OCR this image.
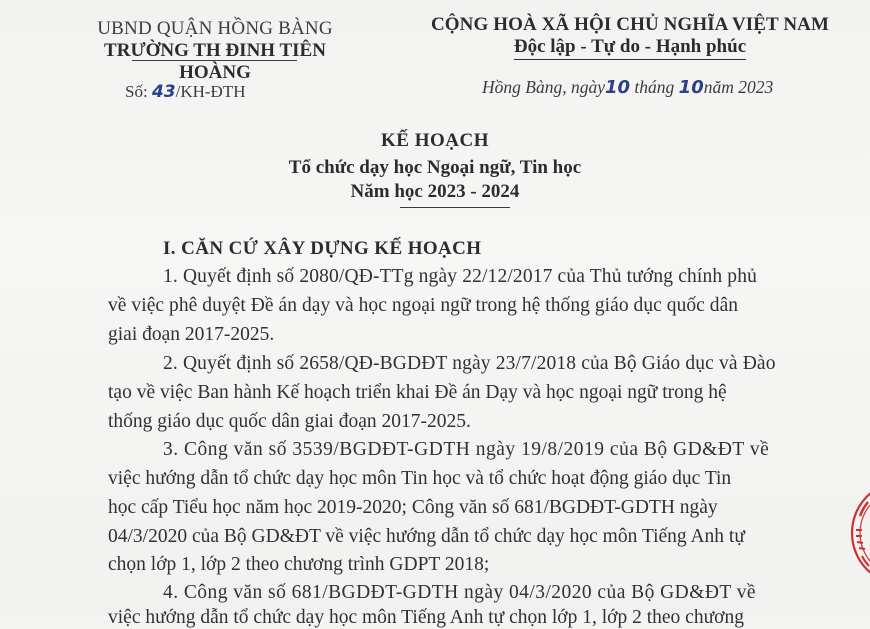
UBND QUẬN HỒNG BÀNG
TRƯỜNG TH ĐINH TIÊN HOÀNG
CỘNG HOÀ XÃ HỘI CHỦ NGHĨA VIỆT NAM
Độc lập - Tự do - Hạnh phúc
Số: 43/KH-ĐTH	Hồng Bàng, ngày10 tháng 10năm 2023
KẾ HOẠCH
Tổ chức dạy học Ngoại ngữ, Tin học
Năm học 2023 - 2024
I. CĂN CỨ XÂY DỰNG KẾ HOẠCH
1. Quyết định số 2080/QĐ-TTg ngày 22/12/2017 của Thủ tướng chính phủ
về việc phê duyệt Đề án dạy và học ngoại ngữ trong hệ thống giáo dục quốc dân
giai đoạn 2017-2025.
2. Quyết định số 2658/QĐ-BGDĐT ngày 23/7/2018 của Bộ Giáo dục và Đào
tạo về việc Ban hành Kế hoạch triển khai Đề án Dạy và học ngoại ngữ trong hệ
thống giáo dục quốc dân giai đoạn 2017-2025.
3. Công văn số 3539/BGDĐT-GDTH ngày 19/8/2019 của Bộ GD&ĐT về
việc hướng dẫn tổ chức dạy học môn Tin học và tổ chức hoạt động giáo dục Tin
học cấp Tiểu học năm học 2019-2020; Công văn số 681/BGDĐT-GDTH ngày
04/3/2020 của Bộ GD&ĐT về việc hướng dẫn tổ chức dạy học môn Tiếng Anh tự
chọn lớp 1, lớp 2 theo chương trình GDPT 2018;
4. Công văn số 681/BGDĐT-GDTH ngày 04/3/2020 của Bộ GD&ĐT về
việc hướng dẫn tổ chức dạy học môn Tiếng Anh tự chọn lớp 1, lớp 2 theo chương
